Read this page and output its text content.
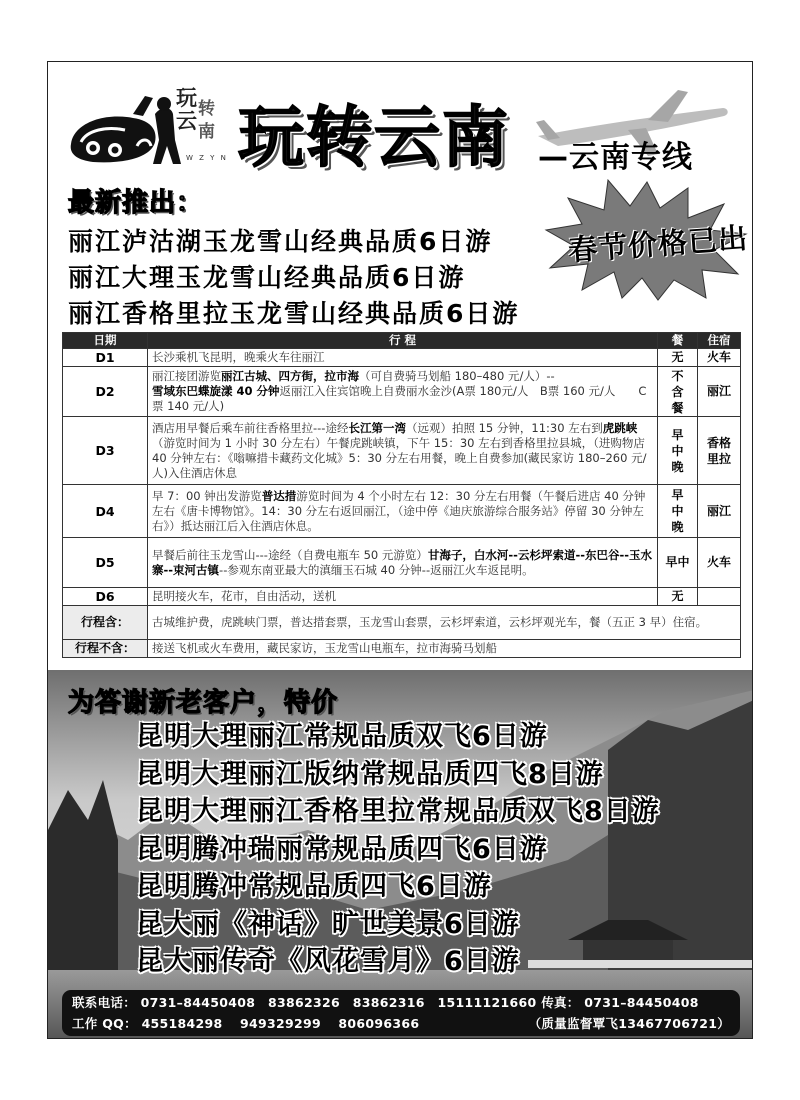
玩
云 转
南
W Z Y N 玩转云南 —云南专线
最新推出：
丽江泸沽湖玉龙雪山经典品质6日游
丽江大理玉龙雪山经典品质6日游
丽江香格里拉玉龙雪山经典品质6日游
春节价格已出
日期	行 程	餐	住宿
D1	长沙乘机飞昆明，晚乘火车往丽江	无	火车
D2	丽江接团游览丽江古城、四方街，拉市海（可自费骑马划船 180–480 元/人）--
雪域东巴蝶旋漾 40 分钟返丽江入住宾馆晚上自费丽水金沙(A票 180元/人　B票 160 元/人　　C 票 140 元/人)	不
含
餐	丽江
D3	酒店用早餐后乘车前往香格里拉---途经长江第一湾（远观）拍照 15 分钟，11:30 左右到虎跳峡（游览时间为 1 小时 30 分左右）午餐虎跳峡镇，下午 15：30 左右到香格里拉县城，（进购物店40 分钟左右：《嗡嘛措卡藏药文化城》5：30 分左右用餐，晚上自费参加(藏民家访 180–260 元/人)入住酒店休息	早
中
晚	香格
里拉

D4	早 7：00 钟出发游览普达措游览时间为 4 个小时左右 12：30 分左右用餐（午餐后进店 40 分钟左右《唐卡博物馆》。14：30 分左右返回丽江，（途中停《迪庆旅游综合服务站》停留 30 分钟左右》）抵达丽江后入住酒店休息。	早
中
晚	丽江
D5	早餐后前往玉龙雪山---途经（自费电瓶车 50 元游览）甘海子，白水河--云杉坪索道--东巴谷--玉水寨--束河古镇--参观东南亚最大的滇缅玉石城 40 分钟--返丽江火车返昆明。	早中	火车
D6	昆明接火车，花市，自由活动，送机	无	
行程含：	古城维护费，虎跳峡门票，普达措套票，玉龙雪山套票，云杉坪索道，云杉坪观光车，餐（五正 3 早）住宿。		
行程不含：	接送飞机或火车费用，藏民家访，玉龙雪山电瓶车，拉市海骑马划船		
为答谢新老客户，特价
昆明大理丽江常规品质双飞6日游
昆明大理丽江版纳常规品质四飞8日游
昆明大理丽江香格里拉常规品质双飞8日游
昆明腾冲瑞丽常规品质四飞6日游
昆明腾冲常规品质四飞6日游
昆大丽《神话》旷世美景6日游
昆大丽传奇《风花雪月》6日游
联系电话： 0731–84450408　83862326　83862316　15111121660 传真： 0731–84450408
工作 QQ： 455184298　 949329299　 806096366	（质量监督覃飞13467706721）
